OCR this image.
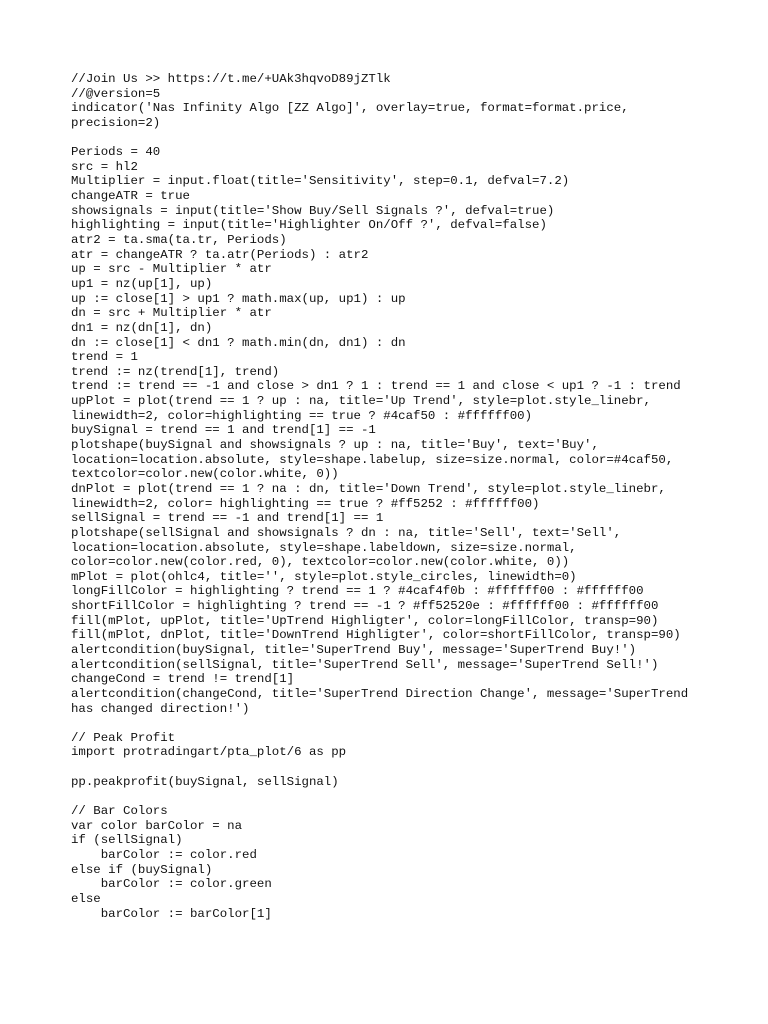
//Join Us >> https://t.me/+UAk3hqvoD89jZTlk
//@version=5
indicator('Nas Infinity Algo [ZZ Algo]', overlay=true, format=format.price,
precision=2)
Periods = 40
src = hl2
Multiplier = input.float(title='Sensitivity', step=0.1, defval=7.2)
changeATR = true
showsignals = input(title='Show Buy/Sell Signals ?', defval=true)
highlighting = input(title='Highlighter On/Off ?', defval=false)
atr2 = ta.sma(ta.tr, Periods)
atr = changeATR ? ta.atr(Periods) : atr2
up = src - Multiplier * atr
up1 = nz(up[1], up)
up := close[1] > up1 ? math.max(up, up1) : up
dn = src + Multiplier * atr
dn1 = nz(dn[1], dn)
dn := close[1] < dn1 ? math.min(dn, dn1) : dn
trend = 1
trend := nz(trend[1], trend)
trend := trend == -1 and close > dn1 ? 1 : trend == 1 and close < up1 ? -1 : trend
upPlot = plot(trend == 1 ? up : na, title='Up Trend', style=plot.style_linebr,
linewidth=2, color=highlighting == true ? #4caf50 : #ffffff00)
buySignal = trend == 1 and trend[1] == -1
plotshape(buySignal and showsignals ? up : na, title='Buy', text='Buy',
location=location.absolute, style=shape.labelup, size=size.normal, color=#4caf50,
textcolor=color.new(color.white, 0))
dnPlot = plot(trend == 1 ? na : dn, title='Down Trend', style=plot.style_linebr,
linewidth=2, color= highlighting == true ? #ff5252 : #ffffff00)
sellSignal = trend == -1 and trend[1] == 1
plotshape(sellSignal and showsignals ? dn : na, title='Sell', text='Sell',
location=location.absolute, style=shape.labeldown, size=size.normal,
color=color.new(color.red, 0), textcolor=color.new(color.white, 0))
mPlot = plot(ohlc4, title='', style=plot.style_circles, linewidth=0)
longFillColor = highlighting ? trend == 1 ? #4caf4f0b : #ffffff00 : #ffffff00
shortFillColor = highlighting ? trend == -1 ? #ff52520e : #ffffff00 : #ffffff00
fill(mPlot, upPlot, title='UpTrend Highligter', color=longFillColor, transp=90)
fill(mPlot, dnPlot, title='DownTrend Highligter', color=shortFillColor, transp=90)
alertcondition(buySignal, title='SuperTrend Buy', message='SuperTrend Buy!')
alertcondition(sellSignal, title='SuperTrend Sell', message='SuperTrend Sell!')
changeCond = trend != trend[1]
alertcondition(changeCond, title='SuperTrend Direction Change', message='SuperTrend
has changed direction!')
// Peak Profit
import protradingart/pta_plot/6 as pp
pp.peakprofit(buySignal, sellSignal)
// Bar Colors
var color barColor = na
if (sellSignal)
barColor := color.red
else if (buySignal)
barColor := color.green
else
barColor := barColor[1]
